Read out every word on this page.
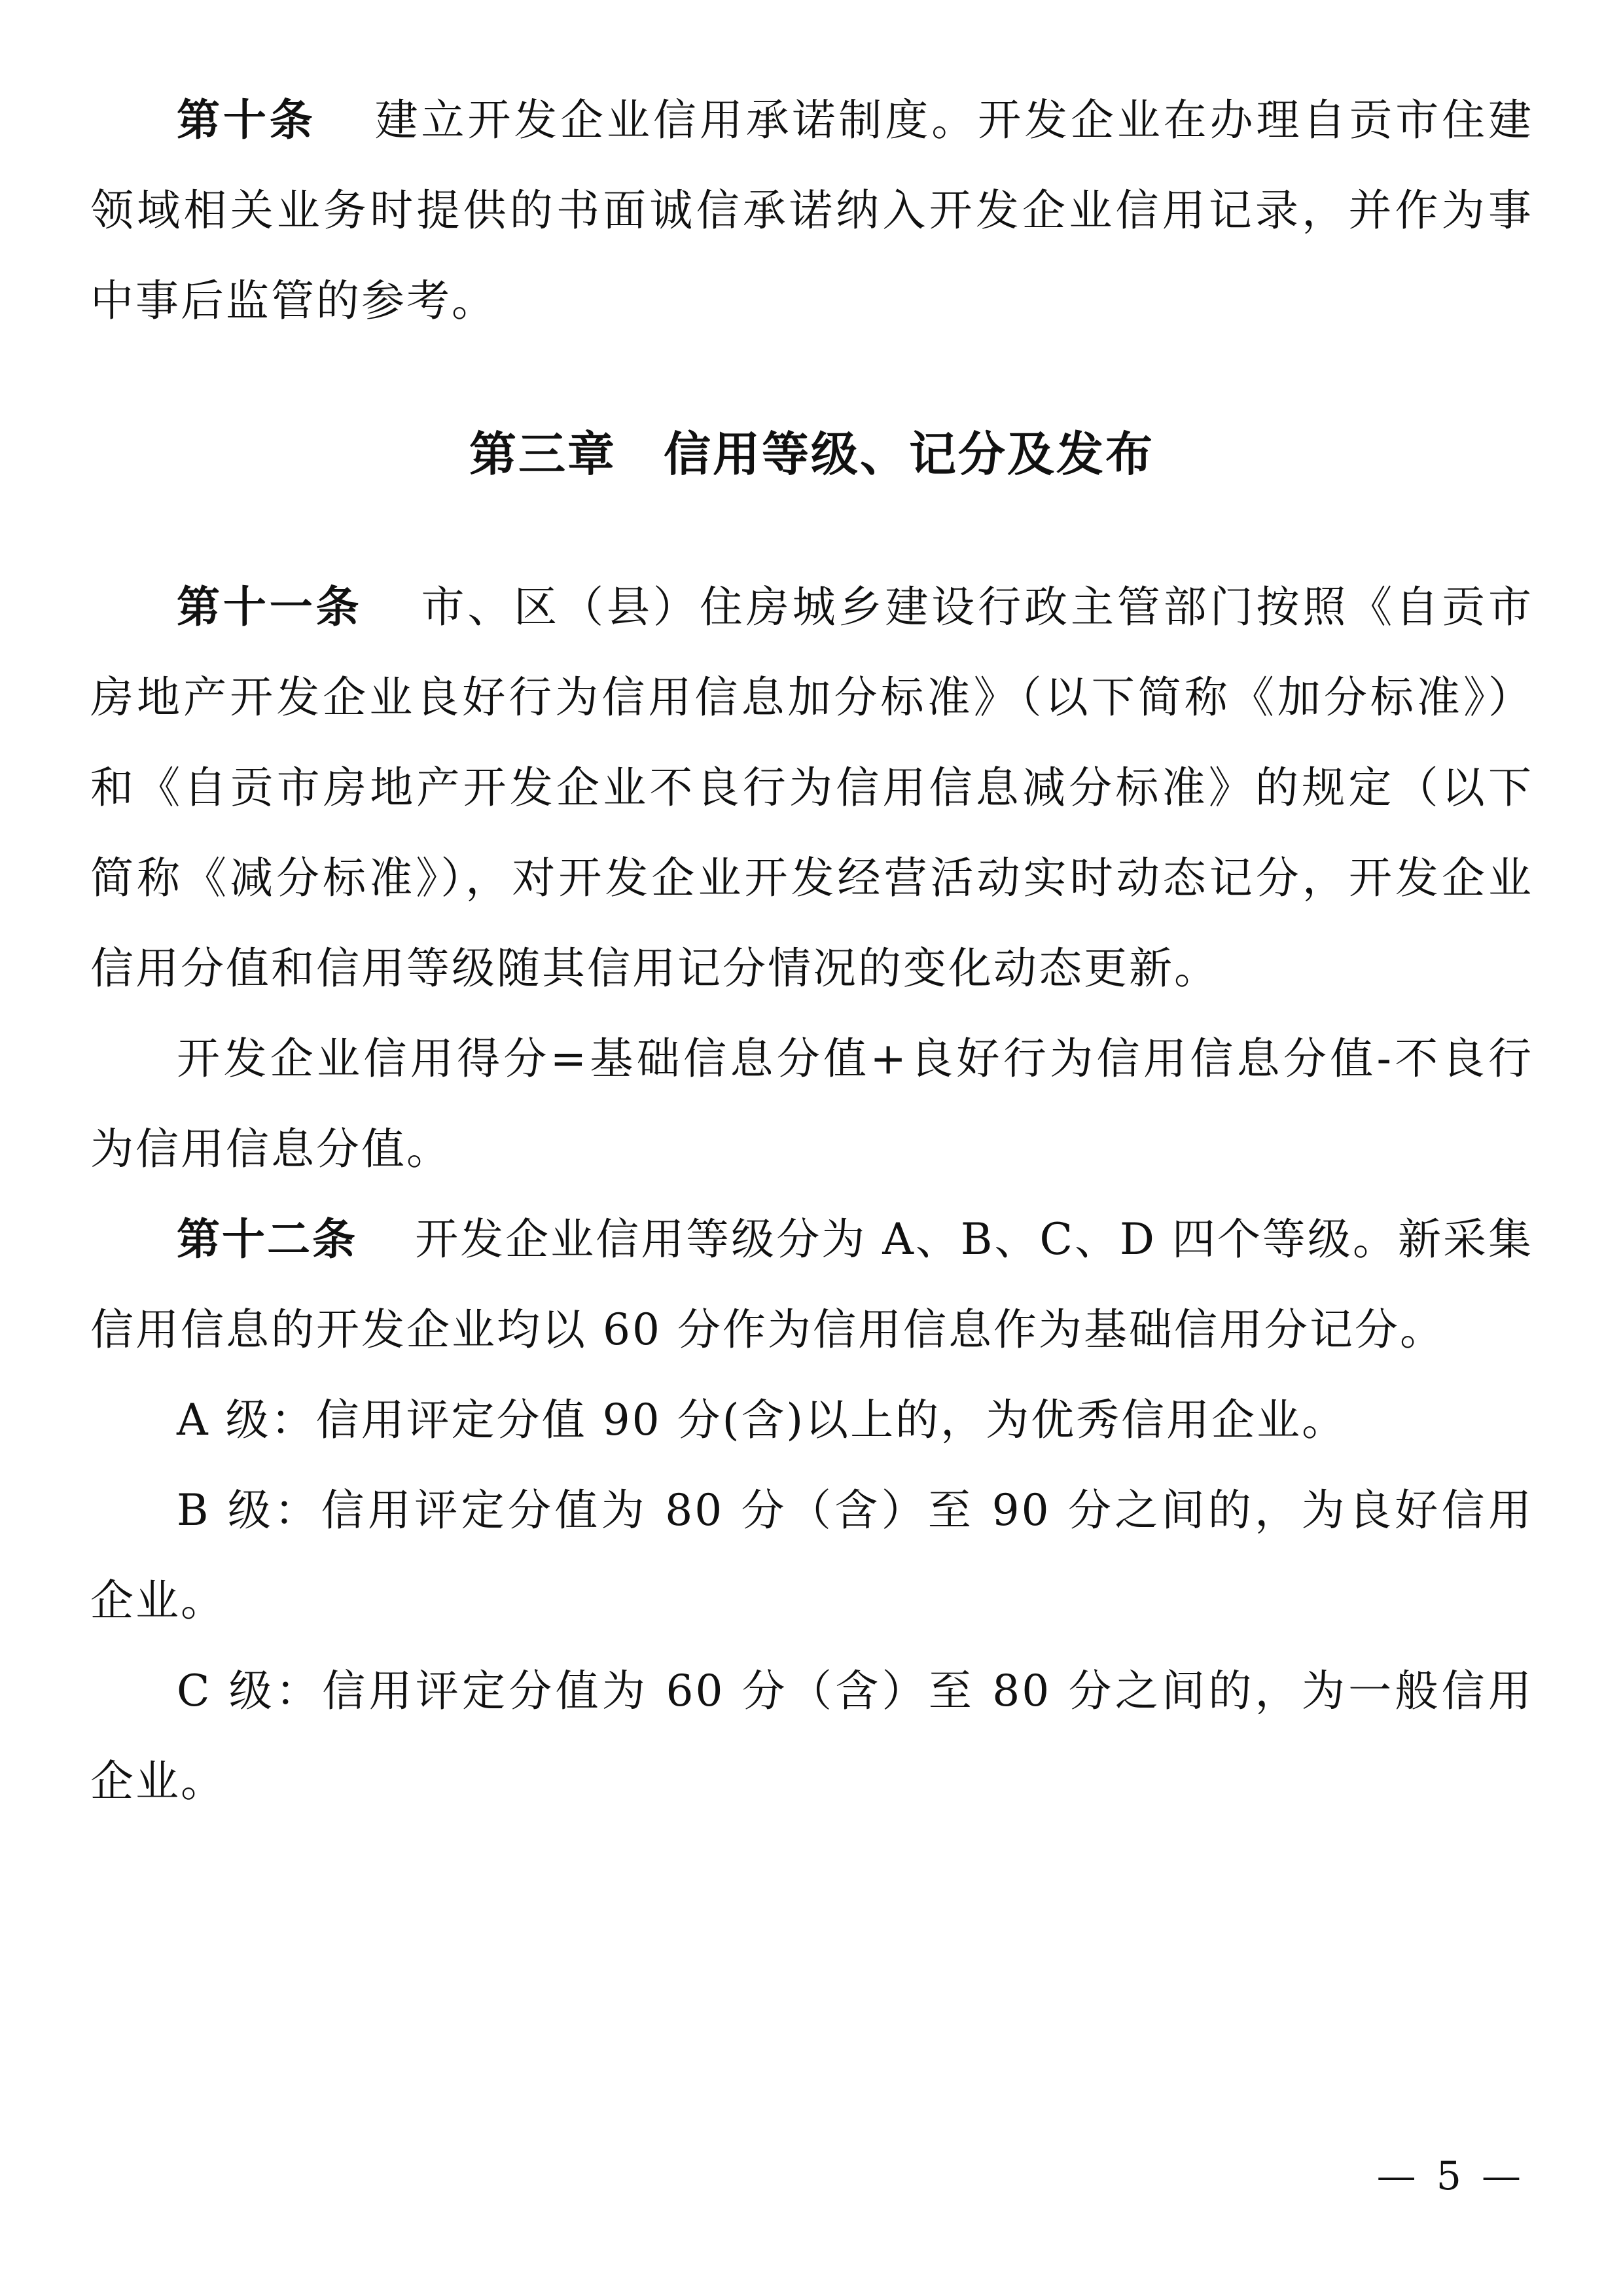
第十条 建立开发企业信用承诺制度。开发企业在办理自贡市住建领域相关业务时提供的书面诚信承诺纳入开发企业信用记录，并作为事中事后监管的参考。

第三章 信用等级、记分及发布

第十一条 市、区（县）住房城乡建设行政主管部门按照《自贡市房地产开发企业良好行为信用信息加分标准》（以下简称《加分标准》）和《自贡市房地产开发企业不良行为信用信息减分标准》的规定（以下简称《减分标准》），对开发企业开发经营活动实时动态记分，开发企业信用分值和信用等级随其信用记分情况的变化动态更新。

开发企业信用得分=基础信息分值+良好行为信用信息分值-不良行为信用信息分值。

第十二条 开发企业信用等级分为 A、B、C、D 四个等级。新采集信用信息的开发企业均以 60 分作为信用信息作为基础信用分记分。

A 级：信用评定分值 90 分(含)以上的，为优秀信用企业。

B 级：信用评定分值为 80 分（含）至 90 分之间的，为良好信用企业。

C 级：信用评定分值为 60 分（含）至 80 分之间的，为一般信用企业。

— 5 —
